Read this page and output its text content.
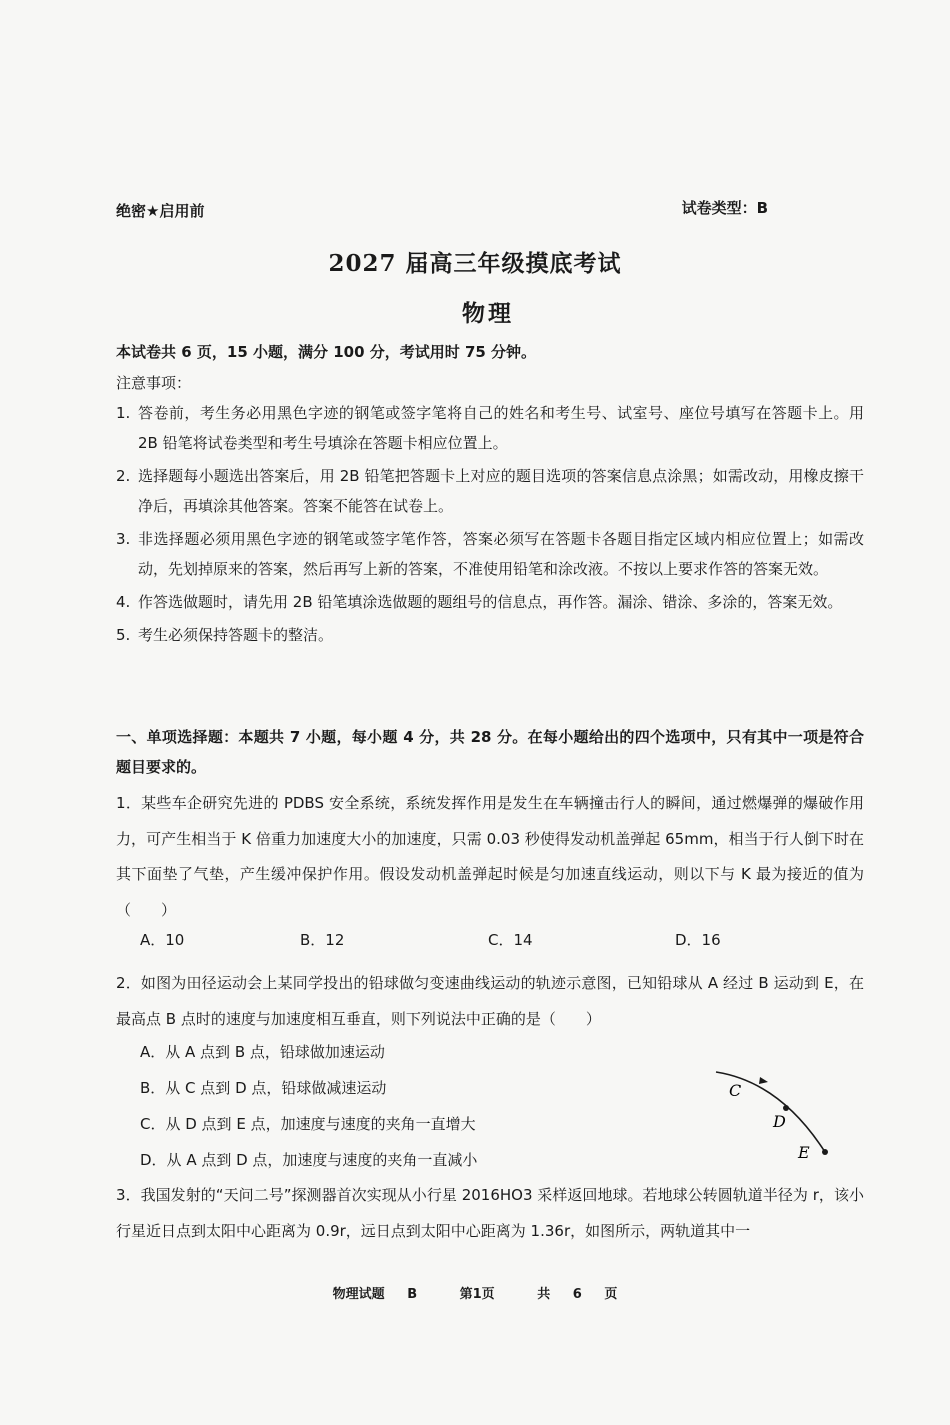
绝密★启用前	试卷类型：B
2027 届高三年级摸底考试
物理
本试卷共 6 页，15 小题，满分 100 分，考试用时 75 分钟。
注意事项：
1. 答卷前，考生务必用黑色字迹的钢笔或签字笔将自己的姓名和考生号、试室号、座位号填写在答题卡上。用 2B 铅笔将试卷类型和考生号填涂在答题卡相应位置上。
2. 选择题每小题选出答案后，用 2B 铅笔把答题卡上对应的题目选项的答案信息点涂黑；如需改动，用橡皮擦干净后，再填涂其他答案。答案不能答在试卷上。
3. 非选择题必须用黑色字迹的钢笔或签字笔作答，答案必须写在答题卡各题目指定区域内相应位置上；如需改动，先划掉原来的答案，然后再写上新的答案，不准使用铅笔和涂改液。不按以上要求作答的答案无效。
4. 作答选做题时，请先用 2B 铅笔填涂选做题的题组号的信息点，再作答。漏涂、错涂、多涂的，答案无效。
5. 考生必须保持答题卡的整洁。
一、单项选择题：本题共 7 小题，每小题 4 分，共 28 分。在每小题给出的四个选项中，只有其中一项是符合题目要求的。
1．某些车企研究先进的 PDBS 安全系统，系统发挥作用是发生在车辆撞击行人的瞬间，通过燃爆弹的爆破作用力，可产生相当于 K 倍重力加速度大小的加速度，只需 0.03 秒使得发动机盖弹起 65mm，相当于行人倒下时在其下面垫了气垫，产生缓冲保护作用。假设发动机盖弹起时候是匀加速直线运动，则以下与 K 最为接近的值为（　　）
A．10	B．12	C．14	D．16
2．如图为田径运动会上某同学投出的铅球做匀变速曲线运动的轨迹示意图，已知铅球从 A 经过 B 运动到 E，在最高点 B 点时的速度与加速度相互垂直，则下列说法中正确的是（　　）
A．从 A 点到 B 点，铅球做加速运动
B．从 C 点到 D 点，铅球做减速运动
C．从 D 点到 E 点，加速度与速度的夹角一直增大
D．从 A 点到 D 点，加速度与速度的夹角一直减小
C
D
E
3．我国发射的“天问二号”探测器首次实现从小行星 2016HO3 采样返回地球。若地球公转圆轨道半径为 r，该小行星近日点到太阳中心距离为 0.9r，远日点到太阳中心距离为 1.36r，如图所示，两轨道其中一
物理试题 B	第1页	共 6 页
